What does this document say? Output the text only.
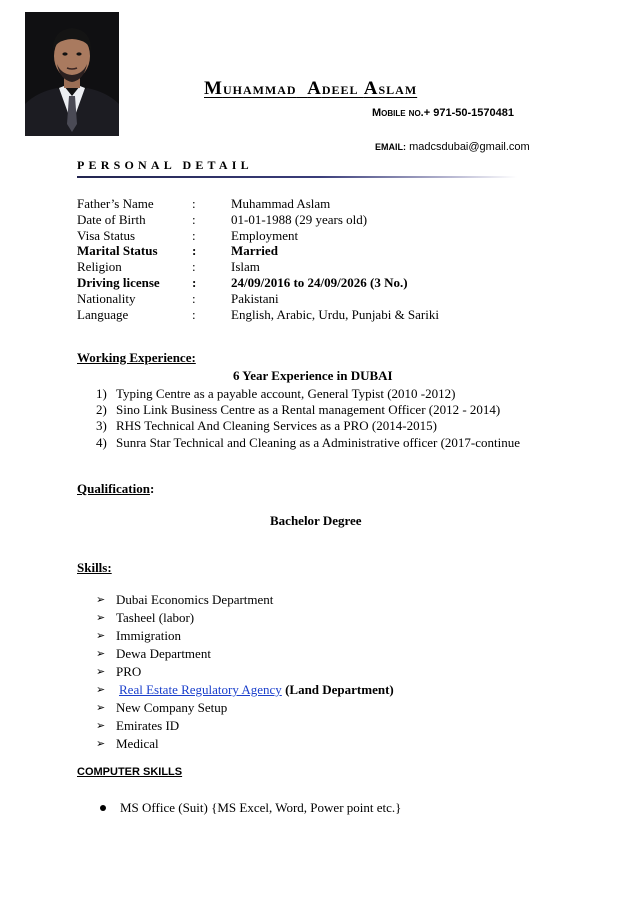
Muhammad Adeel Aslam
Mobile no.+ 971-50-1570481
EMAIL: madcsdubai@gmail.com
PERSONAL DETAIL
Father’s Name	:	Muhammad Aslam
Date of Birth	:	01-01-1988 (29 years old)
Visa Status	:	Employment
Marital Status	:	Married
Religion	:	Islam
Driving license :	24/09/2016 to 24/09/2026 (3 No.)
Nationality	:	Pakistani
Language	:	English, Arabic, Urdu, Punjabi & Sariki
Working Experience:
6 Year Experience in DUBAI
1) Typing Centre as a payable account, General Typist (2010 -2012)
2) Sino Link Business Centre as a Rental management Officer (2012 - 2014)
3) RHS Technical And Cleaning Services as a PRO (2014-2015)
4) Sunra Star Technical and Cleaning as a Administrative officer (2017-continue
Qualification:
Bachelor Degree
Skills:
➢ Dubai Economics Department
➢ Tasheel (labor)
➢ Immigration
➢ Dewa Department
➢ PRO
➢ Real Estate Regulatory Agency (Land Department)
➢ New Company Setup
➢ Emirates ID
➢ Medical
COMPUTER SKILLS
MS Office (Suit) {MS Excel, Word, Power point etc.}
